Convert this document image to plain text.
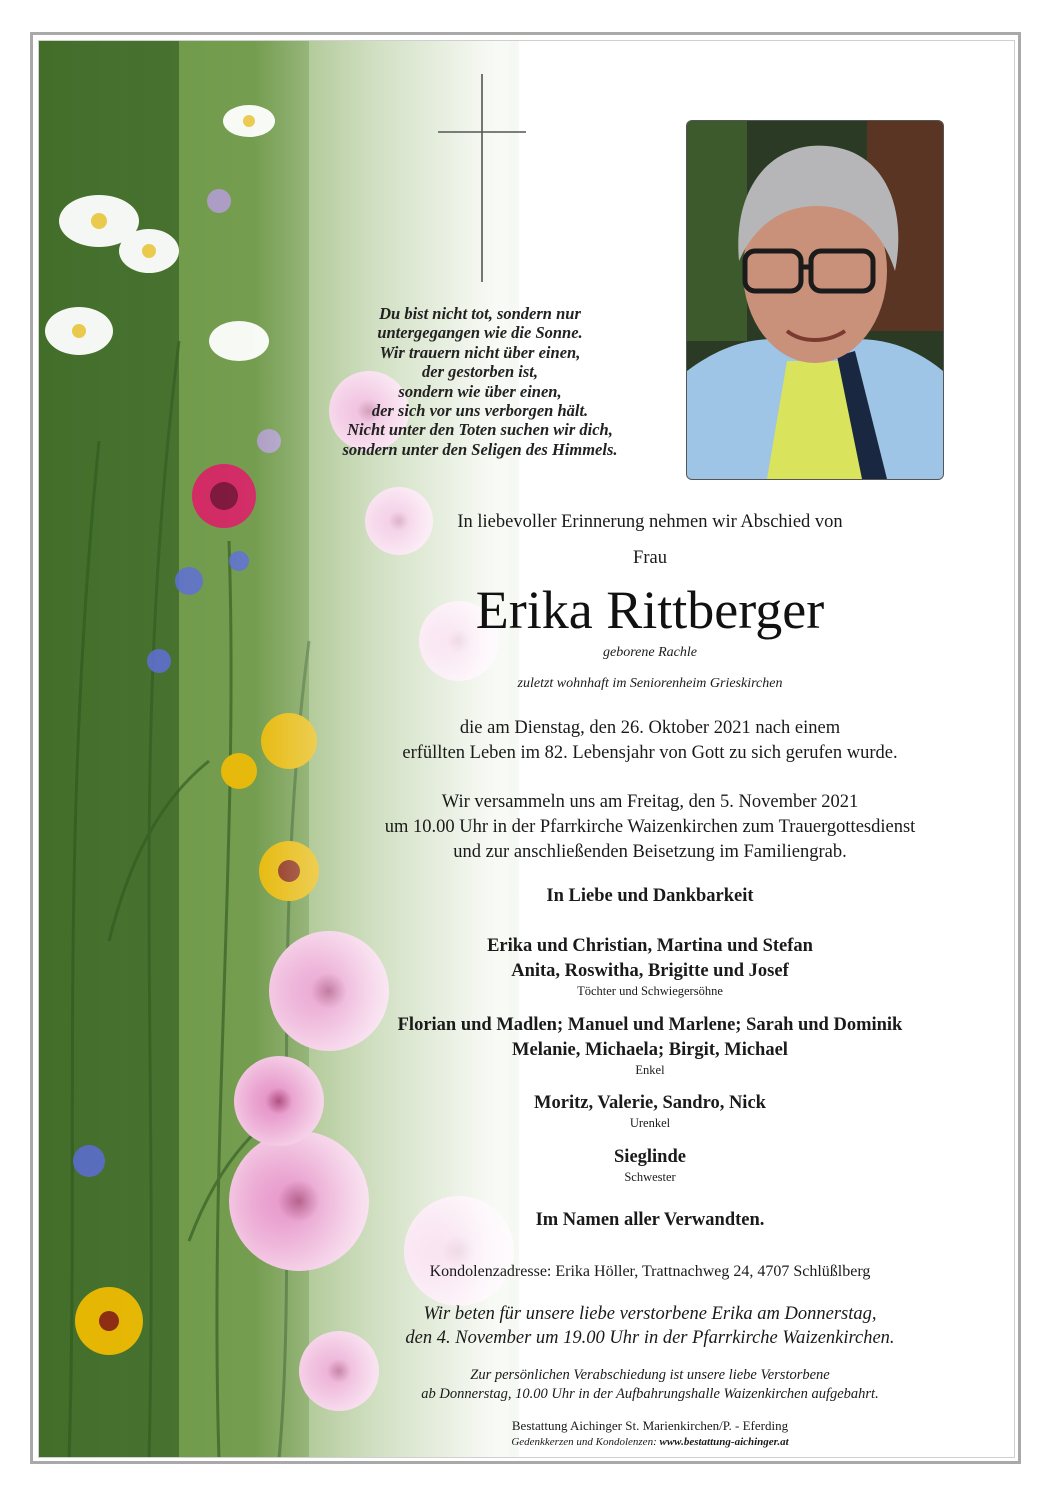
Du bist nicht tot, sondern nur
untergegangen wie die Sonne.
Wir trauern nicht über einen,
der gestorben ist,
sondern wie über einen,
der sich vor uns verborgen hält.
Nicht unter den Toten suchen wir dich,
sondern unter den Seligen des Himmels.
In liebevoller Erinnerung nehmen wir Abschied von
Frau
Erika Rittberger
geborene Rachle
zuletzt wohnhaft im Seniorenheim Grieskirchen
die am Dienstag, den 26. Oktober 2021 nach einem
erfüllten Leben im 82. Lebensjahr von Gott zu sich gerufen wurde.
Wir versammeln uns am Freitag, den 5. November 2021
um 10.00 Uhr in der Pfarrkirche Waizenkirchen zum Trauergottesdienst
und zur anschließenden Beisetzung im Familiengrab.
In Liebe und Dankbarkeit
Erika und Christian, Martina und Stefan
Anita, Roswitha, Brigitte und Josef
Töchter und Schwiegersöhne
Florian und Madlen; Manuel und Marlene; Sarah und Dominik
Melanie, Michaela; Birgit, Michael
Enkel
Moritz, Valerie, Sandro, Nick
Urenkel
Sieglinde
Schwester
Im Namen aller Verwandten.
Kondolenzadresse: Erika Höller, Trattnachweg 24, 4707 Schlüßlberg
Wir beten für unsere liebe verstorbene Erika am Donnerstag,
den 4. November um 19.00 Uhr in der Pfarrkirche Waizenkirchen.
Zur persönlichen Verabschiedung ist unsere liebe Verstorbene
ab Donnerstag, 10.00 Uhr in der Aufbahrungshalle Waizenkirchen aufgebahrt.
Bestattung Aichinger St. Marienkirchen/P. - Eferding
Gedenkkerzen und Kondolenzen: www.bestattung-aichinger.at
